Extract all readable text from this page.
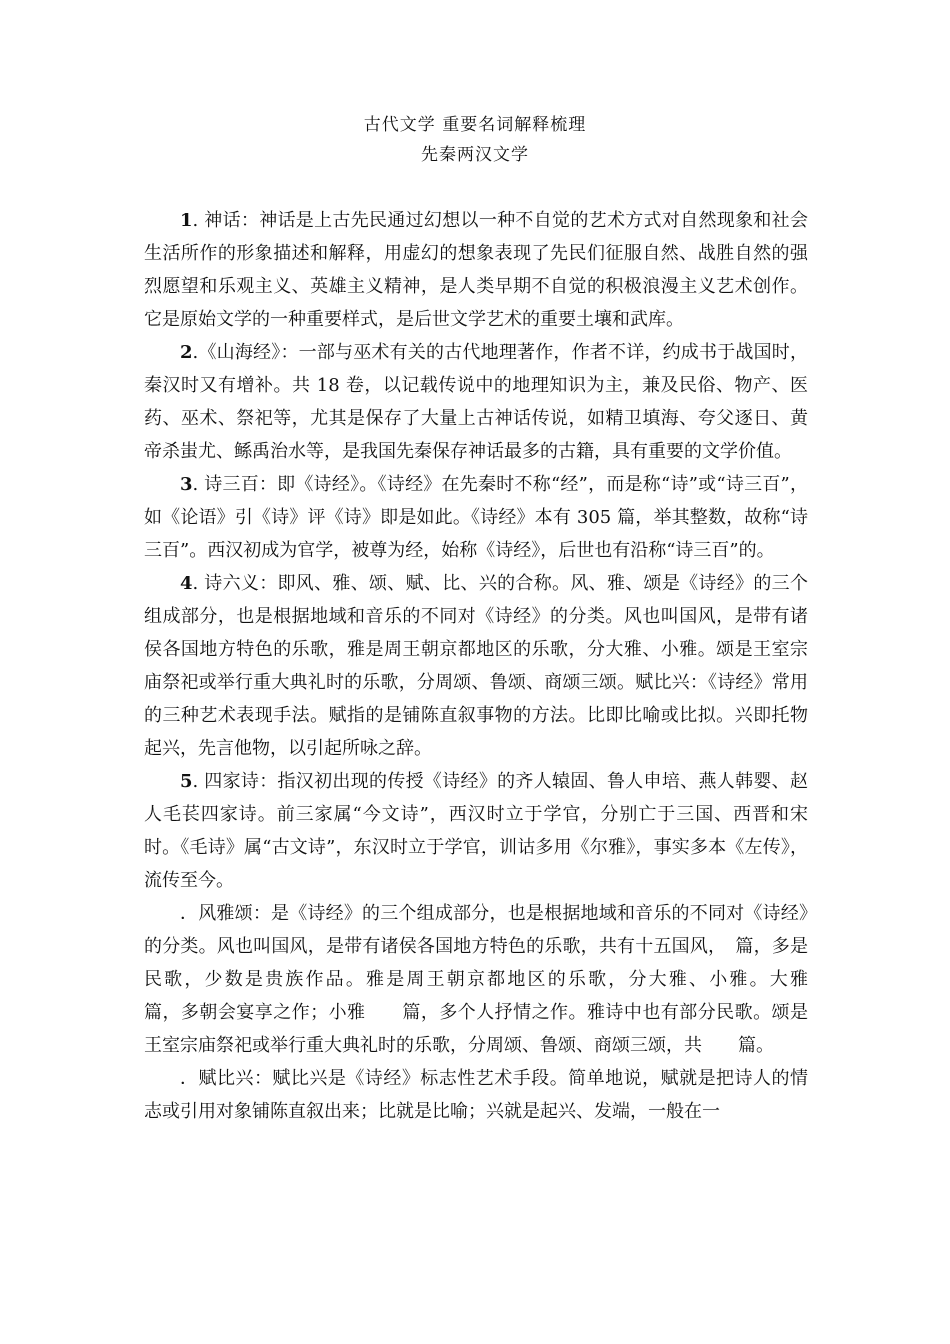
古代文学 重要名词解释梳理
先秦两汉文学

1. 神话：神话是上古先民通过幻想以一种不自觉的艺术方式对自然现象和社会生活所作的形象描述和解释，用虚幻的想象表现了先民们征服自然、战胜自然的强烈愿望和乐观主义、英雄主义精神，是人类早期不自觉的积极浪漫主义艺术创作。它是原始文学的一种重要样式，是后世文学艺术的重要土壤和武库。

2.《山海经》：一部与巫术有关的古代地理著作，作者不详，约成书于战国时，秦汉时又有增补。共 18 卷，以记载传说中的地理知识为主，兼及民俗、物产、医药、巫术、祭祀等，尤其是保存了大量上古神话传说，如精卫填海、夸父逐日、黄帝杀蚩尤、鲧禹治水等，是我国先秦保存神话最多的古籍，具有重要的文学价值。

3. 诗三百：即《诗经》。《诗经》在先秦时不称“经”，而是称“诗”或“诗三百”，如《论语》引《诗》评《诗》即是如此。《诗经》本有 305 篇，举其整数，故称“诗三百”。西汉初成为官学，被尊为经，始称《诗经》，后世也有沿称“诗三百”的。

4. 诗六义：即风、雅、颂、赋、比、兴的合称。风、雅、颂是《诗经》的三个组成部分，也是根据地域和音乐的不同对《诗经》的分类。风也叫国风，是带有诸侯各国地方特色的乐歌，雅是周王朝京都地区的乐歌，分大雅、小雅。颂是王室宗庙祭祀或举行重大典礼时的乐歌，分周颂、鲁颂、商颂三颂。赋比兴：《诗经》常用的三种艺术表现手法。赋指的是铺陈直叙事物的方法。比即比喻或比拟。兴即托物起兴，先言他物，以引起所咏之辞。

5. 四家诗：指汉初出现的传授《诗经》的齐人辕固、鲁人申培、燕人韩婴、赵人毛苌四家诗。前三家属“今文诗”，西汉时立于学官，分别亡于三国、西晋和宋时。《毛诗》属“古文诗”，东汉时立于学官，训诂多用《尔雅》，事实多本《左传》，流传至今。

．风雅颂：是《诗经》的三个组成部分，也是根据地域和音乐的不同对《诗经》的分类。风也叫国风，是带有诸侯各国地方特色的乐歌，共有十五国风，　篇，多是民歌，少数是贵族作品。雅是周王朝京都地区的乐歌，分大雅、小雅。大雅　　篇，多朝会宴享之作；小雅　　篇，多个人抒情之作。雅诗中也有部分民歌。颂是王室宗庙祭祀或举行重大典礼时的乐歌，分周颂、鲁颂、商颂三颂，共　　篇。

．赋比兴：赋比兴是《诗经》标志性艺术手段。简单地说，赋就是把诗人的情志或引用对象铺陈直叙出来；比就是比喻；兴就是起兴、发端，一般在一
